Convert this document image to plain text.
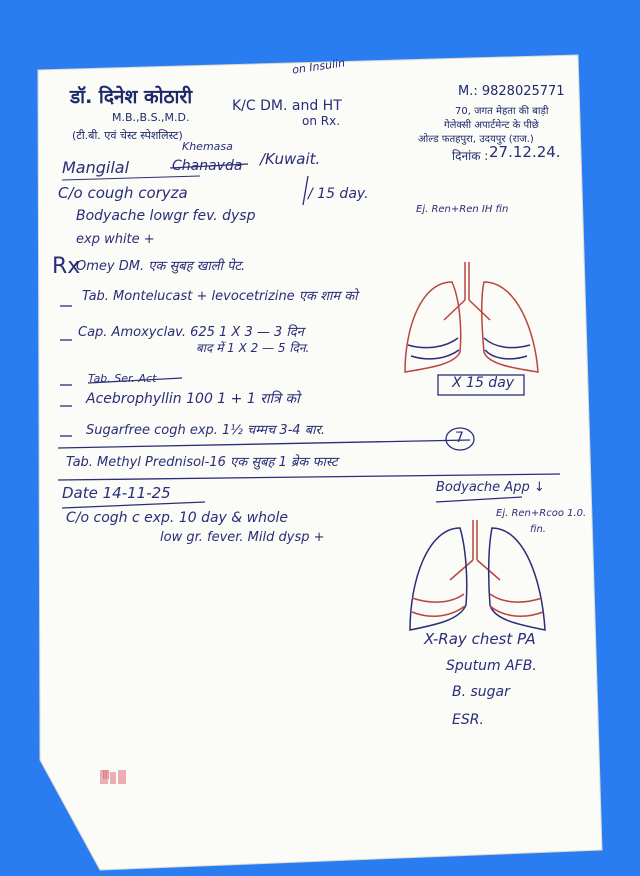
डॉ. दिनेश कोठारी
M.B.,B.S.,M.D.
(टी.बी. एवं चेस्ट स्पेशलिस्ट)
M.: 9828025771
70, जगत मेहता की बाड़ी
गेलेक्सी अपार्टमेन्ट के पीछे
ओल्ड फतहपुरा, उदयपुर (राज.)
दिनांक : 27.12.24.
on Insulin
K/C DM. and HT
on Rx.
Mangilal
Khemasa
Chanavda /Kuwait.
C/o cough coryza	/ 15 day.
Bodyache lowgr fev. dysp
exp white +
Ej. Ren+Ren IH fin
Rx
Omey DM. एक सुबह खाली पेट.
Tab. Montelucast + levocetrizine एक शाम को
Cap. Amoxyclav. 625 1 X 3 — 3 दिन
बाद में 1 X 2 — 5 दिन.
Tab. Ser. Act
Acebrophyllin 100 1 + 1 रात्रि को
Sugarfree cogh exp. 1½ चम्मच 3-4 बार.
Tab. Methyl Prednisol-16 एक सुबह 1 ब्रेक फास्ट
7
X 15 day
Date 14-11-25
C/o cogh c exp. 10 day & whole
low gr. fever. Mild dysp +
Bodyache App ↓
Ej. Ren+Rcoo 1.0.
fin.
X-Ray chest PA
Sputum AFB.
B. sugar
ESR.
Ⅲ
